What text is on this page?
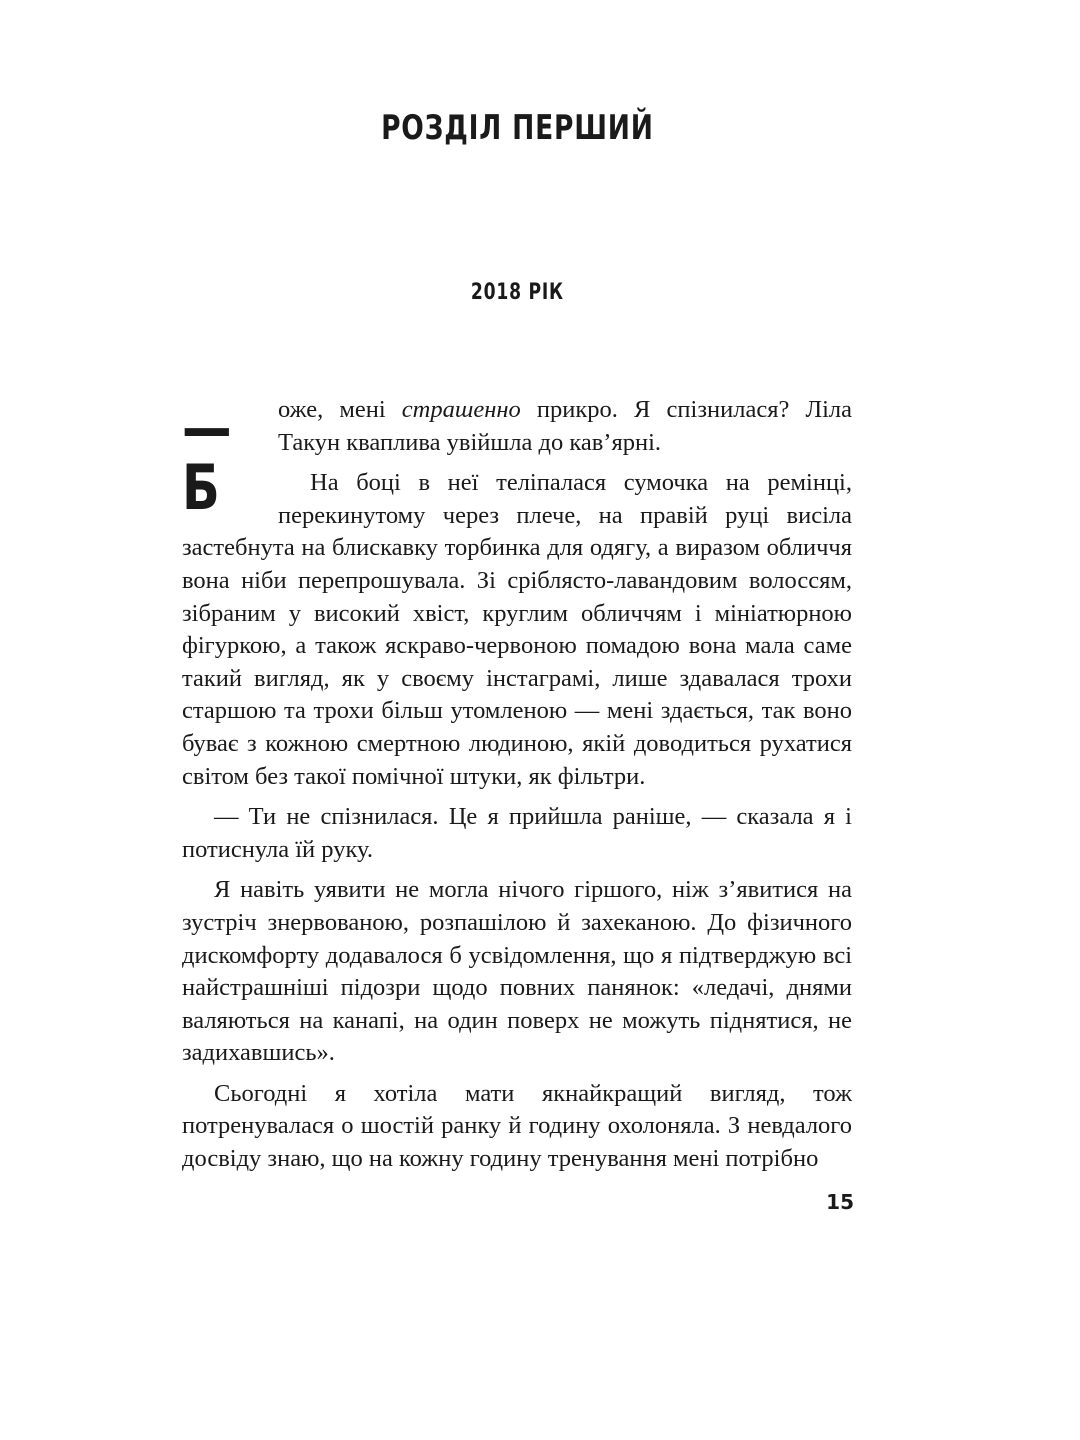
РОЗДІЛ ПЕРШИЙ
2018 РІК

—Б
оже, мені страшенно прикро. Я спізнилася? Ліла Такун кваплива увійшла до кав’ярні.

На боці в неї теліпалася сумочка на ремінці, перекинутому через плече, на правій руці висіла застебнута на блискавку торбинка для одягу, а виразом обличчя вона ніби перепрошувала. Зі сріблясто-лавандовим волоссям, зібраним у високий хвіст, круглим обличчям і мініатюрною фігуркою, а також яскраво-червоною помадою вона мала саме такий вигляд, як у своєму інстаграмі, лише здавалася трохи старшою та трохи більш утомленою — мені здається, так воно буває з кожною смертною людиною, якій доводиться рухатися світом без такої помічної штуки, як фільтри.

— Ти не спізнилася. Це я прийшла раніше, — сказала я і потиснула їй руку.

Я навіть уявити не могла нічого гіршого, ніж з’явитися на зустріч знервованою, розпашілою й захеканою. До фізичного дискомфорту додавалося б усвідомлення, що я підтверджую всі найстрашніші підозри щодо повних панянок: «ледачі, днями валяються на канапі, на один поверх не можуть піднятися, не задихавшись».

Сьогодні я хотіла мати якнайкращий вигляд, тож потренувалася о шостій ранку й годину охолоняла. З невдалого досвіду знаю, що на кожну годину тренування мені потрібно

15
